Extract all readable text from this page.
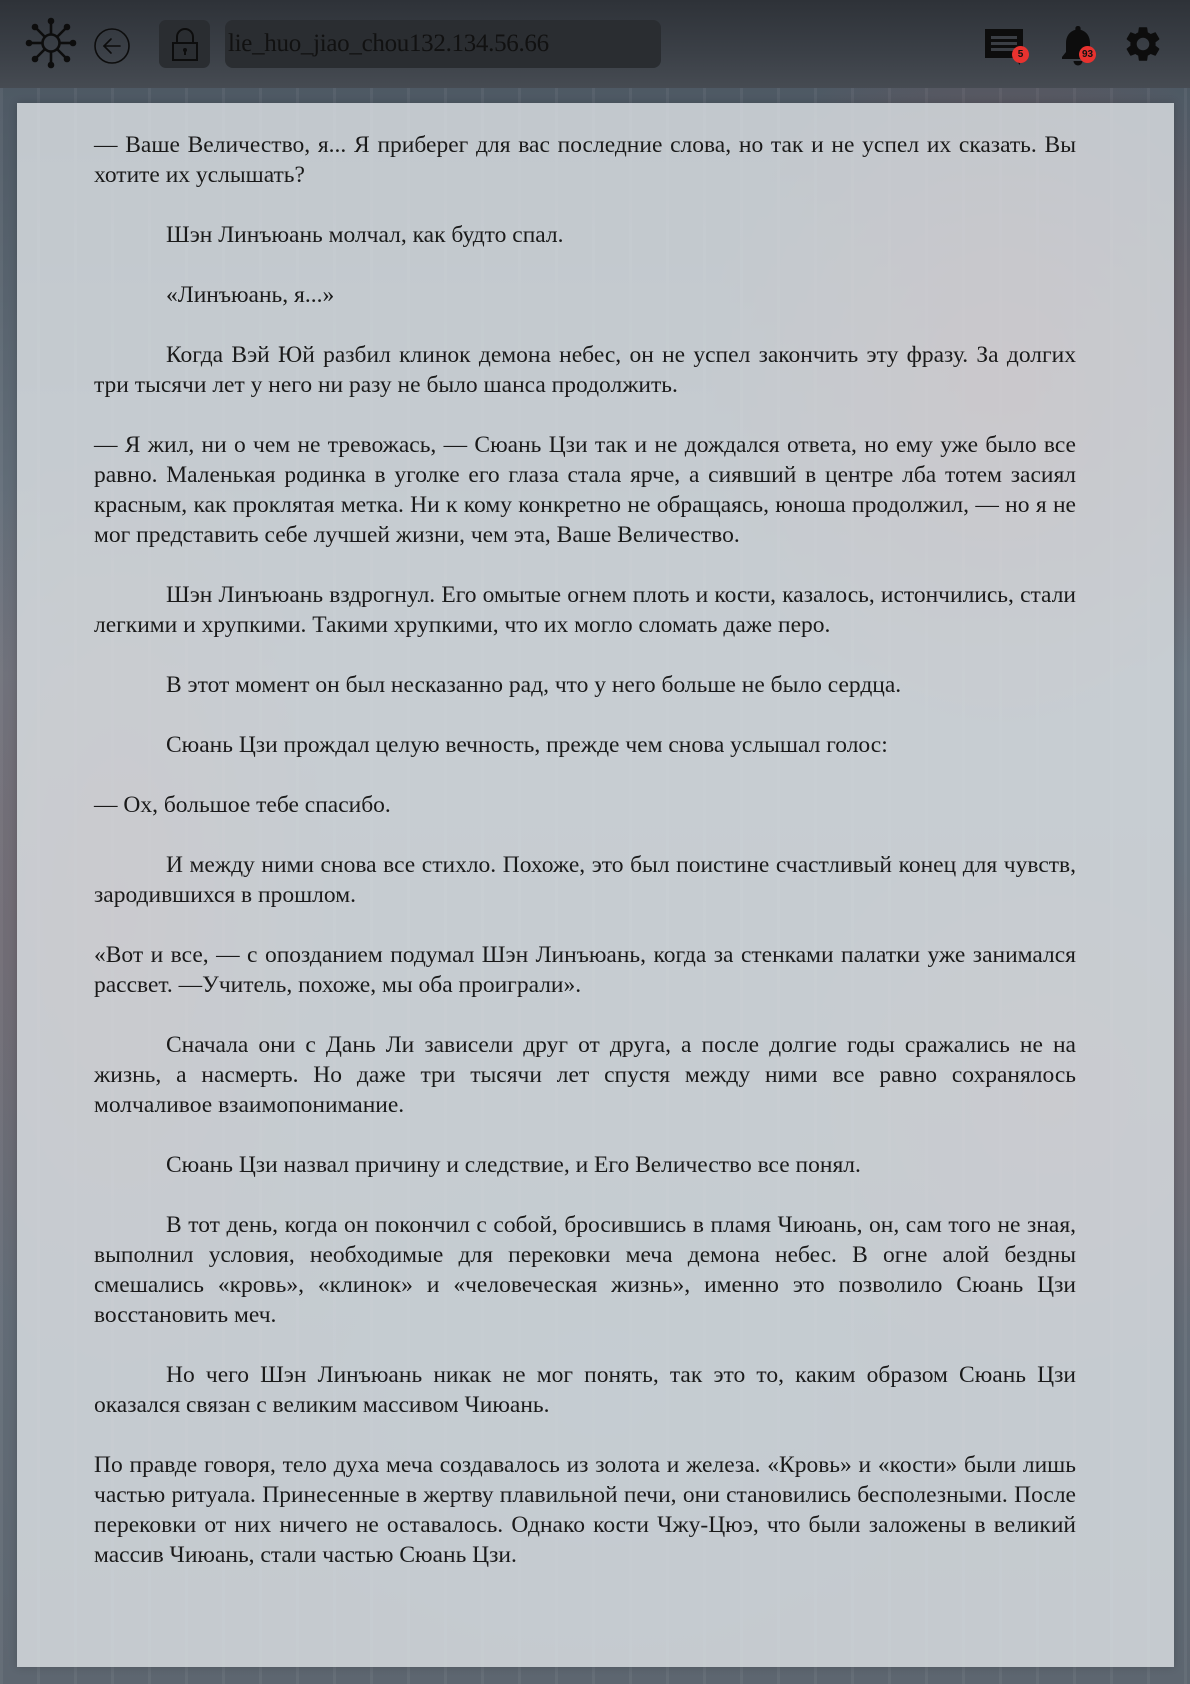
lie_huo_jiao_chou132.134.56.66	5	93

— Ваше Величество, я... Я приберег для вас последние слова, но так и не успел их сказать. Вы хотите их услышать?

Шэн Линъюань молчал, как будто спал.

«Линъюань, я...»

Когда Вэй Юй разбил клинок демона небес, он не успел закончить эту фразу. За долгих три тысячи лет у него ни разу не было шанса продолжить.

— Я жил, ни о чем не тревожась, — Сюань Цзи так и не дождался ответа, но ему уже было все равно. Маленькая родинка в уголке его глаза стала ярче, а сиявший в центре лба тотем засиял красным, как проклятая метка. Ни к кому конкретно не обращаясь, юноша продолжил, — но я не мог представить себе лучшей жизни, чем эта, Ваше Величество.

Шэн Линъюань вздрогнул. Его омытые огнем плоть и кости, казалось, истончились, стали легкими и хрупкими. Такими хрупкими, что их могло сломать даже перо.

В этот момент он был несказанно рад, что у него больше не было сердца.

Сюань Цзи прождал целую вечность, прежде чем снова услышал голос:

— Ох, большое тебе спасибо.

И между ними снова все стихло. Похоже, это был поистине счастливый конец для чувств, зародившихся в прошлом.

«Вот и все, — с опозданием подумал Шэн Линъюань, когда за стенками палатки уже занимался рассвет. —Учитель, похоже, мы оба проиграли».

Сначала они с Дань Ли зависели друг от друга, а после долгие годы сражались не на жизнь, а насмерть. Но даже три тысячи лет спустя между ними все равно сохранялось молчаливое взаимопонимание.

Сюань Цзи назвал причину и следствие, и Его Величество все понял.

В тот день, когда он покончил с собой, бросившись в пламя Чиюань, он, сам того не зная, выполнил условия, необходимые для перековки меча демона небес. В огне алой бездны смешались «кровь», «клинок» и «человеческая жизнь», именно это позволило Сюань Цзи восстановить меч.

Но чего Шэн Линъюань никак не мог понять, так это то, каким образом Сюань Цзи оказался связан с великим массивом Чиюань.

По правде говоря, тело духа меча создавалось из золота и железа. «Кровь» и «кости» были лишь частью ритуала. Принесенные в жертву плавильной печи, они становились бесполезными. После перековки от них ничего не оставалось. Однако кости Чжу-Цюэ, что были заложены в великий массив Чиюань, стали частью Сюань Цзи.
